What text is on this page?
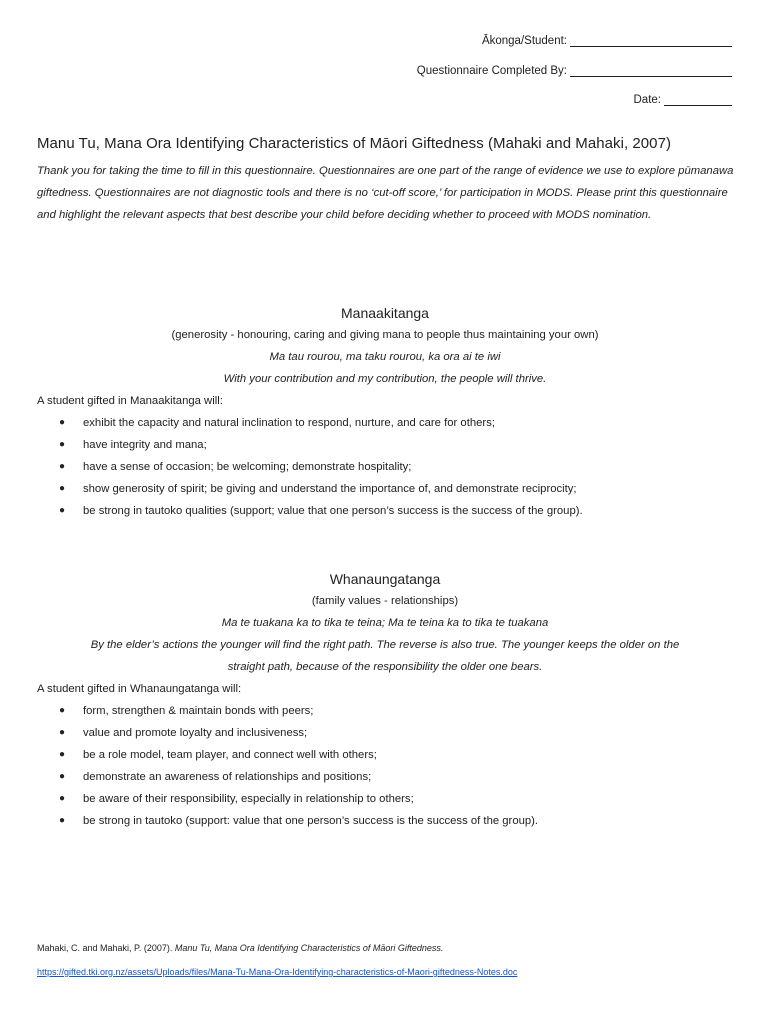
Ākonga/Student:
Questionnaire Completed By:
Date:
Manu Tu, Mana Ora Identifying Characteristics of Māori Giftedness (Mahaki and Mahaki, 2007)

Thank you for taking the time to fill in this questionnaire. Questionnaires are one part of the range of evidence we use to explore pūmanawa giftedness. Questionnaires are not diagnostic tools and there is no ‘cut-off score,’ for participation in MODS. Please print this questionnaire and highlight the relevant aspects that best describe your child before deciding whether to proceed with MODS nomination.

Manaakitanga

(generosity - honouring, caring and giving mana to people thus maintaining your own)

Ma tau rourou, ma taku rourou, ka ora ai te iwi

With your contribution and my contribution, the people will thrive.

A student gifted in Manaakitanga will:

● exhibit the capacity and natural inclination to respond, nurture, and care for others;
● have integrity and mana;
● have a sense of occasion; be welcoming; demonstrate hospitality;
● show generosity of spirit; be giving and understand the importance of, and demonstrate reciprocity;
● be strong in tautoko qualities (support; value that one person’s success is the success of the group).
Whanaungatanga

(family values - relationships)

Ma te tuakana ka to tika te teina; Ma te teina ka to tika te tuakana

By the elder’s actions the younger will find the right path. The reverse is also true. The younger keeps the older on the

straight path, because of the responsibility the older one bears.

A student gifted in Whanaungatanga will:

● form, strengthen & maintain bonds with peers;
● value and promote loyalty and inclusiveness;
● be a role model, team player, and connect well with others;
● demonstrate an awareness of relationships and positions;
● be aware of their responsibility, especially in relationship to others;
● be strong in tautoko (support: value that one person’s success is the success of the group).

Mahaki, C. and Mahaki, P. (2007). Manu Tu, Mana Ora Identifying Characteristics of Māori Giftedness.

https://gifted.tki.org.nz/assets/Uploads/files/Mana-Tu-Mana-Ora-Identifying-characteristics-of-Maori-giftedness-Notes.doc
